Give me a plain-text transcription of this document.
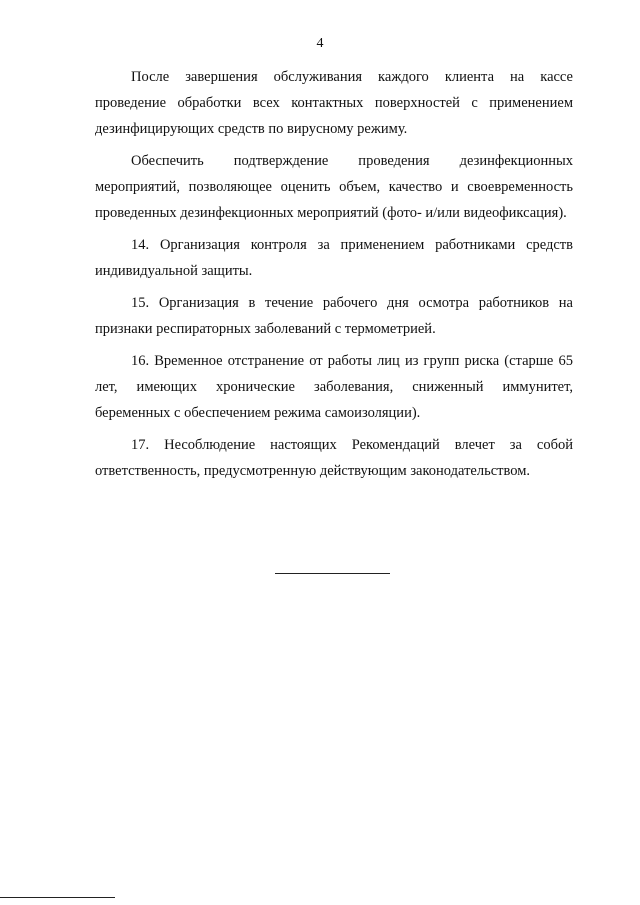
4

После завершения обслуживания каждого клиента на кассе проведение обработки всех контактных поверхностей с применением дезинфицирующих средств по вирусному режиму.

Обеспечить подтверждение проведения дезинфекционных мероприятий, позволяющее оценить объем, качество и своевременность проведенных дезинфекционных мероприятий (фото- и/или видеофиксация).

14. Организация контроля за применением работниками средств индивидуальной защиты.

15. Организация в течение рабочего дня осмотра работников на признаки респираторных заболеваний с термометрией.

16. Временное отстранение от работы лиц из групп риска (старше 65 лет, имеющих хронические заболевания, сниженный иммунитет, беременных с обеспечением режима самоизоляции).

17. Несоблюдение настоящих Рекомендаций влечет за собой ответственность, предусмотренную действующим законодательством.
